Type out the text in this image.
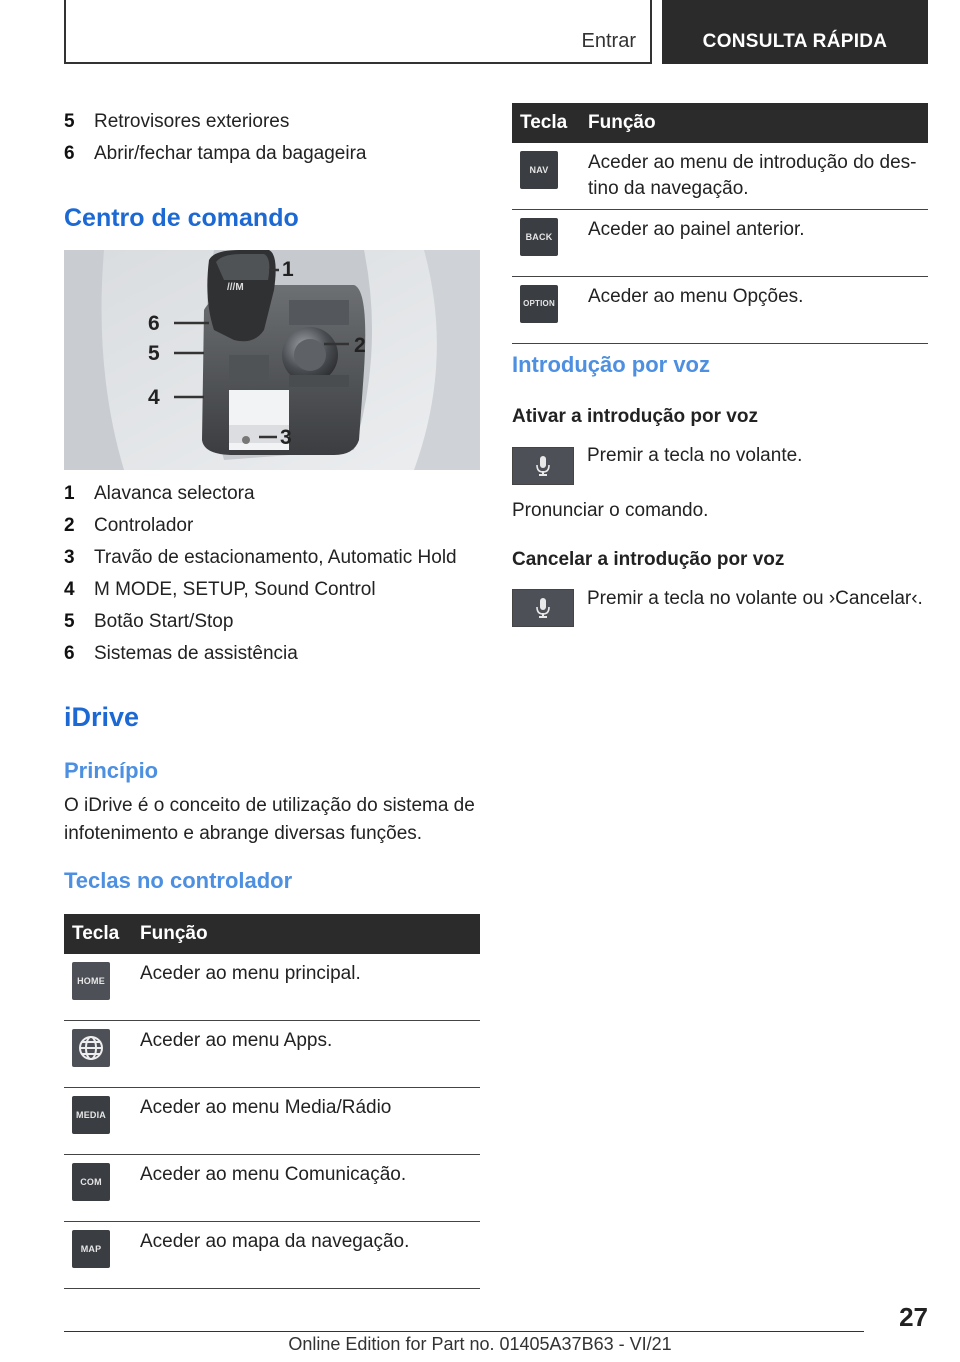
Entrar	CONSULTA RÁPIDA
5	Retrovisores exteriores
6	Abrir/fechar tampa da bagageira
Centro de comando
///M
1
2
3
4
5
6
1	Alavanca selectora
2	Controlador
3	Travão de estacionamento, Automatic Hold
4	M MODE, SETUP, Sound Control
5	Botão Start/Stop
6	Sistemas de assistência
iDrive
Princípio
O iDrive é o conceito de utilização do sistema de infotenimento e abrange diversas funções.
Teclas no controlador
Tecla	Função

HOME	Aceder ao menu principal.

	Aceder ao menu Apps.

MEDIA	Aceder ao menu Media/Rádio

COM	Aceder ao menu Comunicação.

MAP	Aceder ao mapa da navegação.
Tecla	Função

NAV	Aceder ao menu de introdução do des-tino da navegação.

BACK	Aceder ao painel anterior.

OPTION	Aceder ao menu Opções.
Introdução por voz
Ativar a introdução por voz
Premir a tecla no volante.
Pronunciar o comando.
Cancelar a introdução por voz
Premir a tecla no volante ou ›Cancelar‹.
27
Online Edition for Part no. 01405A37B63 - VI/21
